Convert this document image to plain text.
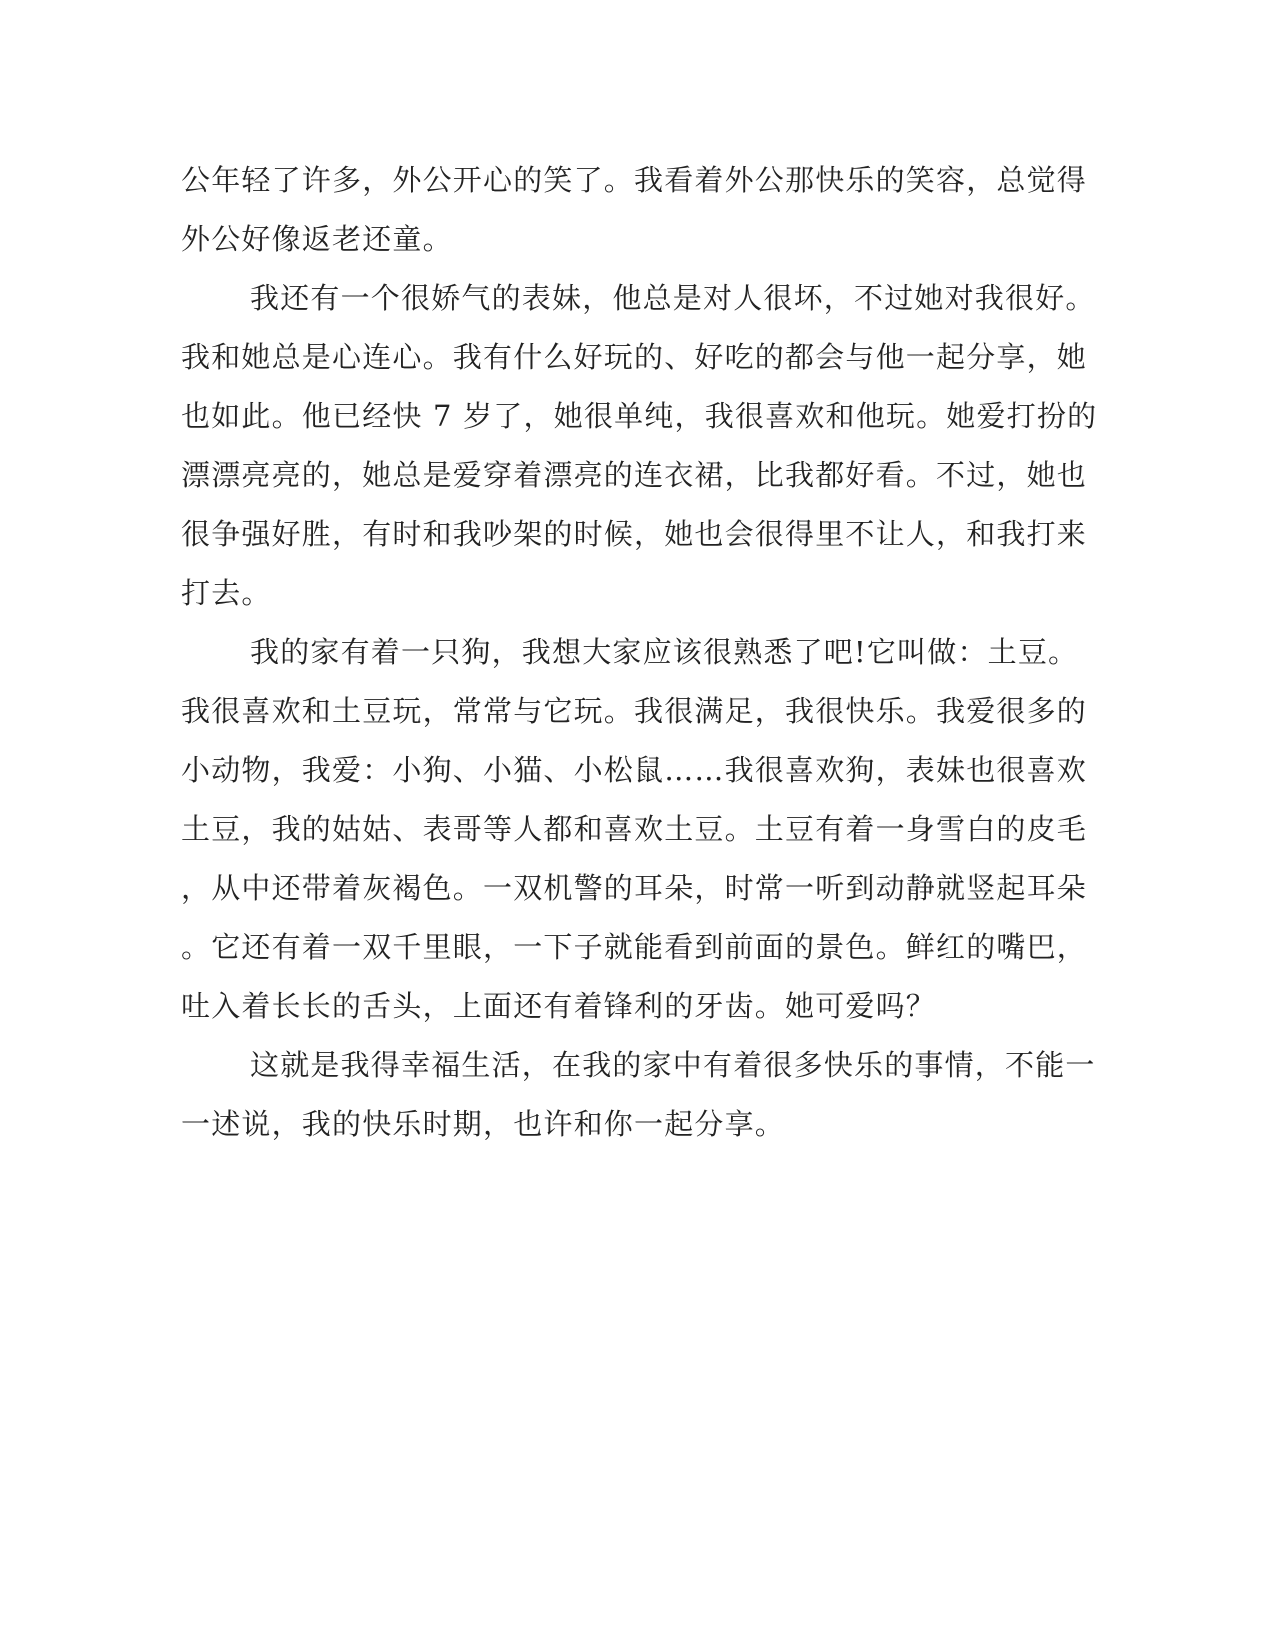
公年轻了许多，外公开心的笑了。我看着外公那快乐的笑容，总觉得
外公好像返老还童。
我还有一个很娇气的表妹，他总是对人很坏，不过她对我很好。
我和她总是心连心。我有什么好玩的、好吃的都会与他一起分享，她
也如此。他已经快 7 岁了，她很单纯，我很喜欢和他玩。她爱打扮的
漂漂亮亮的，她总是爱穿着漂亮的连衣裙，比我都好看。不过，她也
很争强好胜，有时和我吵架的时候，她也会很得里不让人，和我打来
打去。
我的家有着一只狗，我想大家应该很熟悉了吧!它叫做：土豆。
我很喜欢和土豆玩，常常与它玩。我很满足，我很快乐。我爱很多的
小动物，我爱：小狗、小猫、小松鼠……我很喜欢狗，表妹也很喜欢
土豆，我的姑姑、表哥等人都和喜欢土豆。土豆有着一身雪白的皮毛
，从中还带着灰褐色。一双机警的耳朵，时常一听到动静就竖起耳朵
。它还有着一双千里眼，一下子就能看到前面的景色。鲜红的嘴巴，
吐入着长长的舌头，上面还有着锋利的牙齿。她可爱吗？
这就是我得幸福生活，在我的家中有着很多快乐的事情，不能一
一述说，我的快乐时期，也许和你一起分享。
